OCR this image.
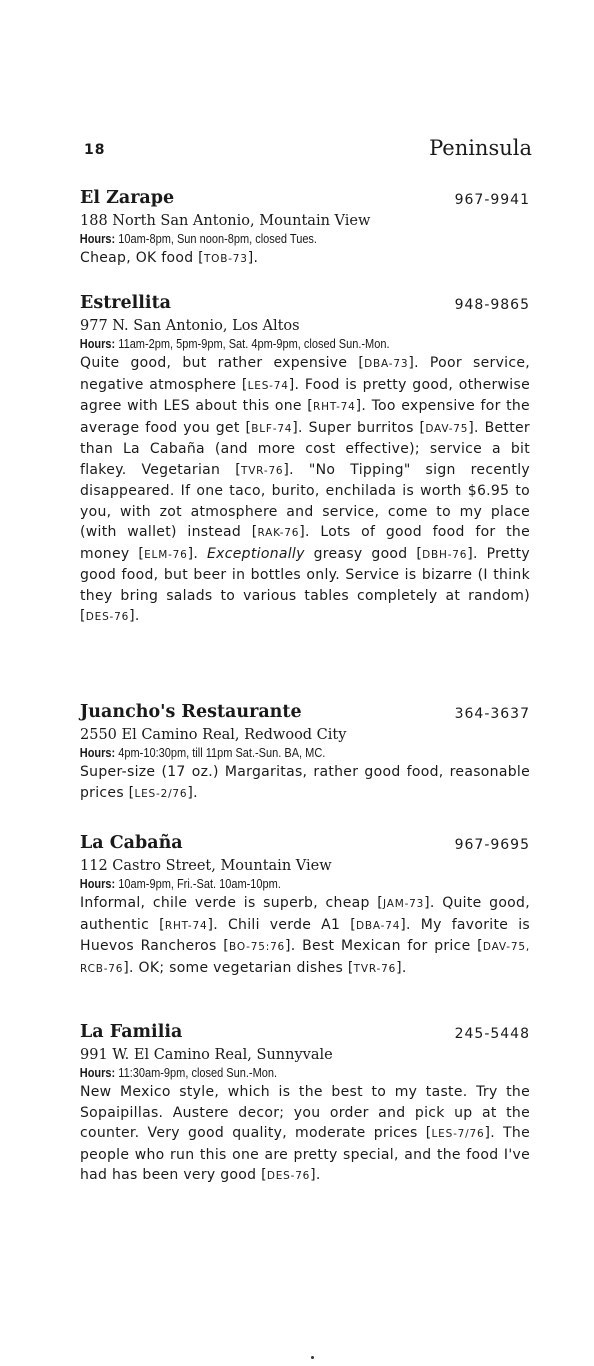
18	Peninsula
El Zarape	967-9941
188 North San Antonio, Mountain View
Hours: 10am-8pm, Sun noon-8pm, closed Tues.
Cheap, OK food [TOB-73].
Estrellita	948-9865
977 N. San Antonio, Los Altos
Hours: 11am-2pm, 5pm-9pm, Sat. 4pm-9pm, closed Sun.-Mon.
Quite good, but rather expensive [DBA-73]. Poor service, negative atmosphere [LES-74]. Food is pretty good, otherwise agree with LES about this one [RHT-74]. Too expensive for the average food you get [BLF-74]. Super burritos [DAV-75]. Better than La Cabaña (and more cost effective); service a bit flakey. Vegetarian [TVR-76]. "No Tipping" sign recently disappeared. If one taco, burito, enchilada is worth $6.95 to you, with zot atmosphere and service, come to my place (with wallet) instead [RAK-76]. Lots of good food for the money [ELM-76]. Exceptionally greasy good [DBH-76]. Pretty good food, but beer in bottles only. Service is bizarre (I think they bring salads to various tables completely at random) [DES-76].
Juancho's Restaurante	364-3637
2550 El Camino Real, Redwood City
Hours: 4pm-10:30pm, till 11pm Sat.-Sun. BA, MC.
Super-size (17 oz.) Margaritas, rather good food, reasonable prices [LES-2/76].
La Cabaña	967-9695
112 Castro Street, Mountain View
Hours: 10am-9pm, Fri.-Sat. 10am-10pm.
Informal, chile verde is superb, cheap [JAM-73]. Quite good, authentic [RHT-74]. Chili verde A1 [DBA-74]. My favorite is Huevos Rancheros [BO-75:76]. Best Mexican for price [DAV-75, RCB-76]. OK; some vegetarian dishes [TVR-76].
La Familia	245-5448
991 W. El Camino Real, Sunnyvale
Hours: 11:30am-9pm, closed Sun.-Mon.
New Mexico style, which is the best to my taste. Try the Sopaipillas. Austere decor; you order and pick up at the counter. Very good quality, moderate prices [LES-7/76]. The people who run this one are pretty special, and the food I've had has been very good [DES-76].
